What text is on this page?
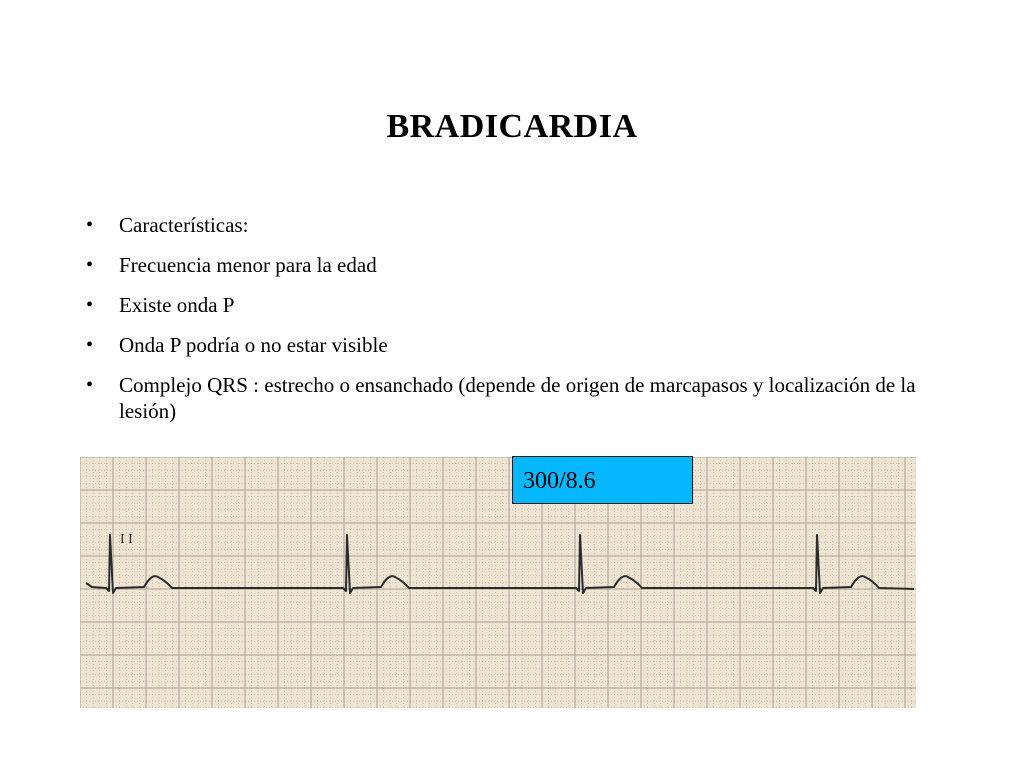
BRADICARDIA
• Características:
• Frecuencia menor para la edad
• Existe onda P
• Onda P podría o no estar visible
• Complejo QRS : estrecho o ensanchado (depende de origen de marcapasos y localización de la lesión)
I I
300/8.6
